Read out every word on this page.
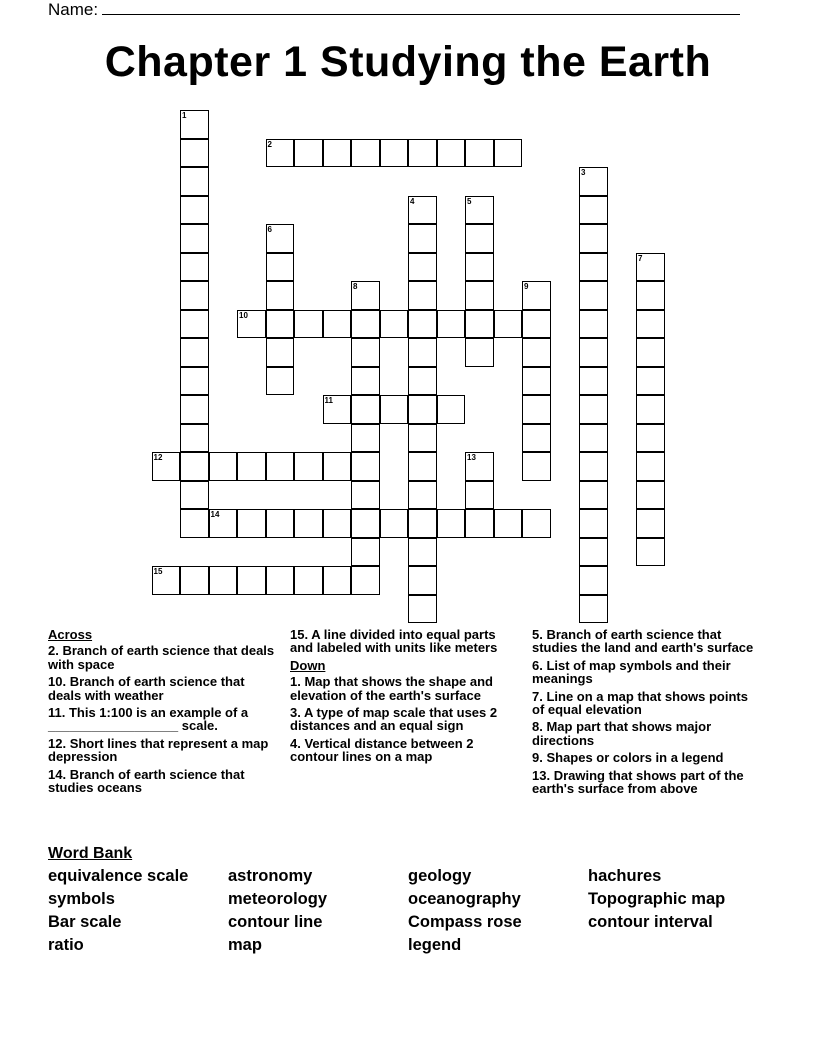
Name:
Chapter 1 Studying the Earth
1
2
3
4	5
6
7
8	9
10
11
12	13
14
15
Across
2. Branch of earth science that deals with space
10. Branch of earth science that deals with weather
11. This 1:100 is an example of a __________________ scale.
12. Short lines that represent a map depression
14. Branch of earth science that studies oceans
15. A line divided into equal parts and labeled with units like meters
Down
1. Map that shows the shape and elevation of the earth's surface
3. A type of map scale that uses 2 distances and an equal sign
4. Vertical distance between 2 contour lines on a map
5. Branch of earth science that studies the land and earth's surface
6. List of map symbols and their meanings
7. Line on a map that shows points of equal elevation
8. Map part that shows major directions
9. Shapes or colors in a legend
13. Drawing that shows part of the earth's surface from above
Word Bank
equivalence scale	astronomy	geology	hachures
symbols	meteorology	oceanography	Topographic map
Bar scale	contour line	Compass rose	contour interval
ratio	map	legend
